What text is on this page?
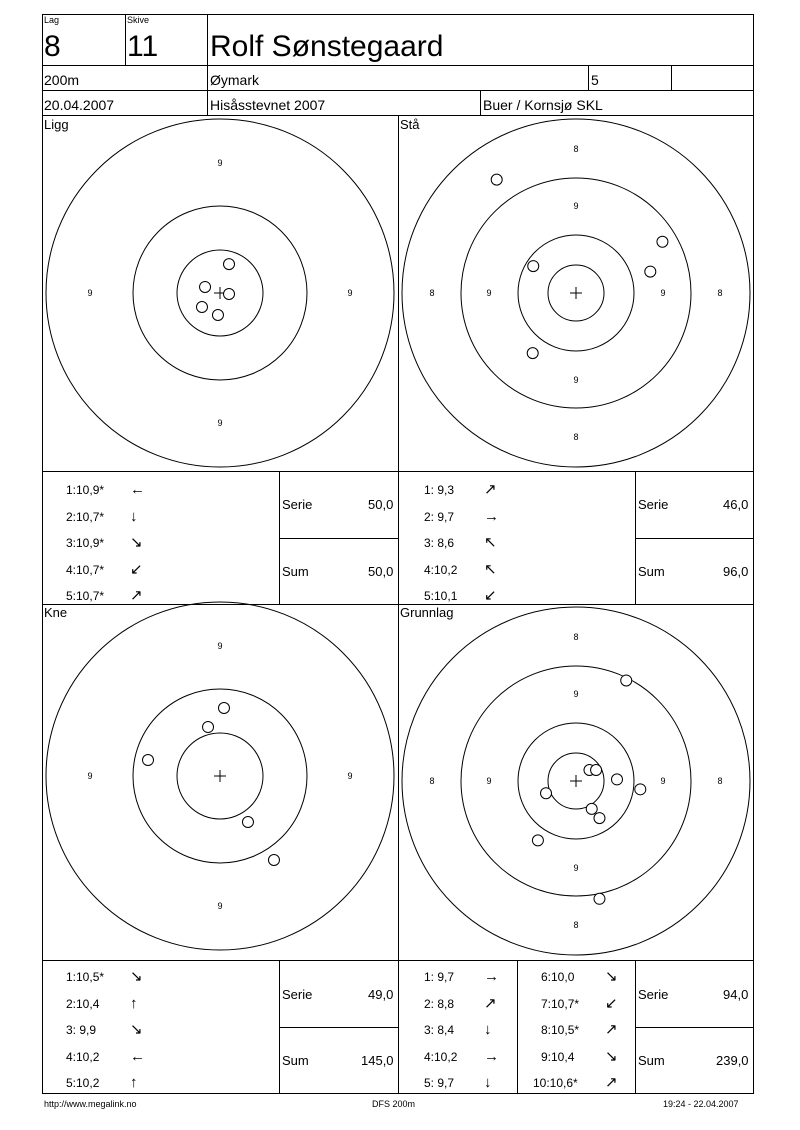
Lag
8
Skive
11 Rolf Sønstegaard
200m	Øymark	5
20.04.2007	Hisåsstevnet 2007	Buer / Kornsjø SKL
Ligg	Stå
Kne	Grunnlag
9
9
9	9
8
8
8	8
9
9
9	9
9
9
9	9
8
8
8	8
9
9
9	9
1:10,9* ←
2:10,7* ↓
3:10,9* ↘
4:10,7* ↙
5:10,7* ↗
1: 9,3 ↗
2: 9,7 →
3: 8,6 ↖
4:10,2 ↖
5:10,1 ↙
1:10,5* ↘
2:10,4 ↑
3: 9,9 ↘
4:10,2 ←
5:10,2 ↑
1: 9,7 →
2: 8,8 ↗
3: 8,4 ↓
4:10,2 →
5: 9,7 ↓
6:10,0 ↘
7:10,7* ↙
8:10,5* ↗
9:10,4 ↘
10:10,6* ↗
Serie	50,0
Sum	50,0
Serie	46,0
Sum	96,0
Serie	49,0
Sum	145,0
Serie	94,0
Sum	239,0
http://www.megalink.no	DFS 200m	19:24 - 22.04.2007
